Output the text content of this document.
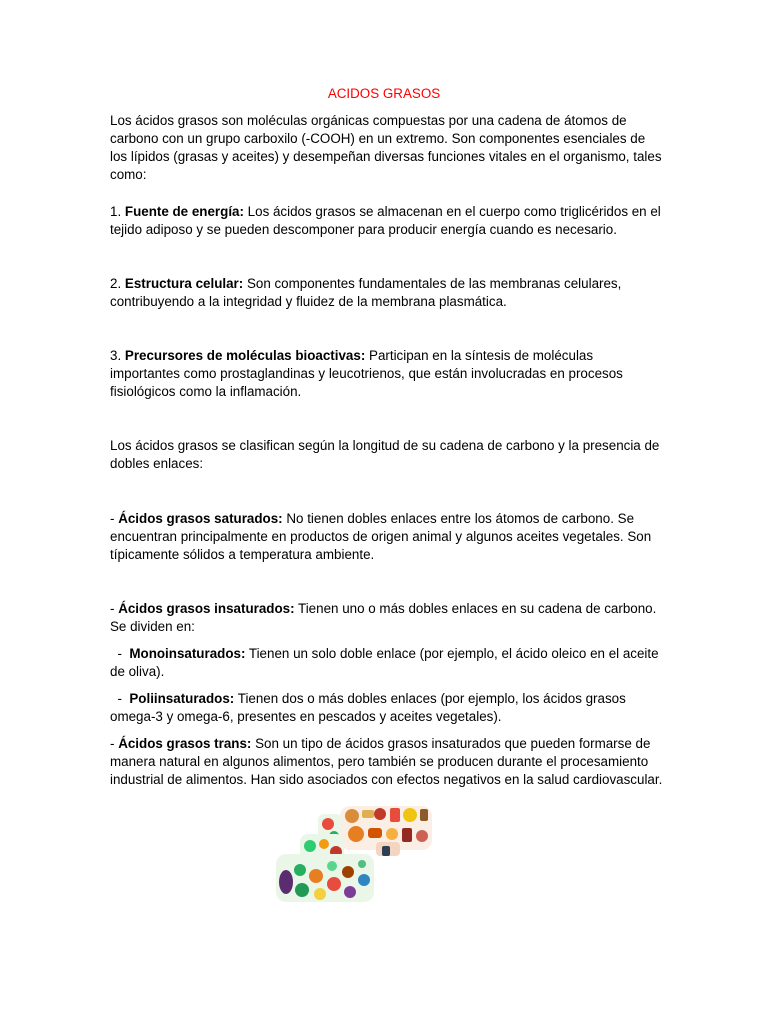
ACIDOS GRASOS
Los ácidos grasos son moléculas orgánicas compuestas por una cadena de átomos de carbono con un grupo carboxilo (-COOH) en un extremo. Son componentes esenciales de los lípidos (grasas y aceites) y desempeñan diversas funciones vitales en el organismo, tales como:
1. Fuente de energía: Los ácidos grasos se almacenan en el cuerpo como triglicéridos en el tejido adiposo y se pueden descomponer para producir energía cuando es necesario.
2. Estructura celular: Son componentes fundamentales de las membranas celulares, contribuyendo a la integridad y fluidez de la membrana plasmática.
3. Precursores de moléculas bioactivas: Participan en la síntesis de moléculas importantes como prostaglandinas y leucotrienos, que están involucradas en procesos fisiológicos como la inflamación.
Los ácidos grasos se clasifican según la longitud de su cadena de carbono y la presencia de dobles enlaces:
- Ácidos grasos saturados: No tienen dobles enlaces entre los átomos de carbono. Se encuentran principalmente en productos de origen animal y algunos aceites vegetales. Son típicamente sólidos a temperatura ambiente.
- Ácidos grasos insaturados: Tienen uno o más dobles enlaces en su cadena de carbono. Se dividen en:
-  Monoinsaturados: Tienen un solo doble enlace (por ejemplo, el ácido oleico en el aceite de oliva).
-  Poliinsaturados: Tienen dos o más dobles enlaces (por ejemplo, los ácidos grasos omega-3 y omega-6, presentes en pescados y aceites vegetales).
- Ácidos grasos trans: Son un tipo de ácidos grasos insaturados que pueden formarse de manera natural en algunos alimentos, pero también se producen durante el procesamiento industrial de alimentos. Han sido asociados con efectos negativos en la salud cardiovascular.
